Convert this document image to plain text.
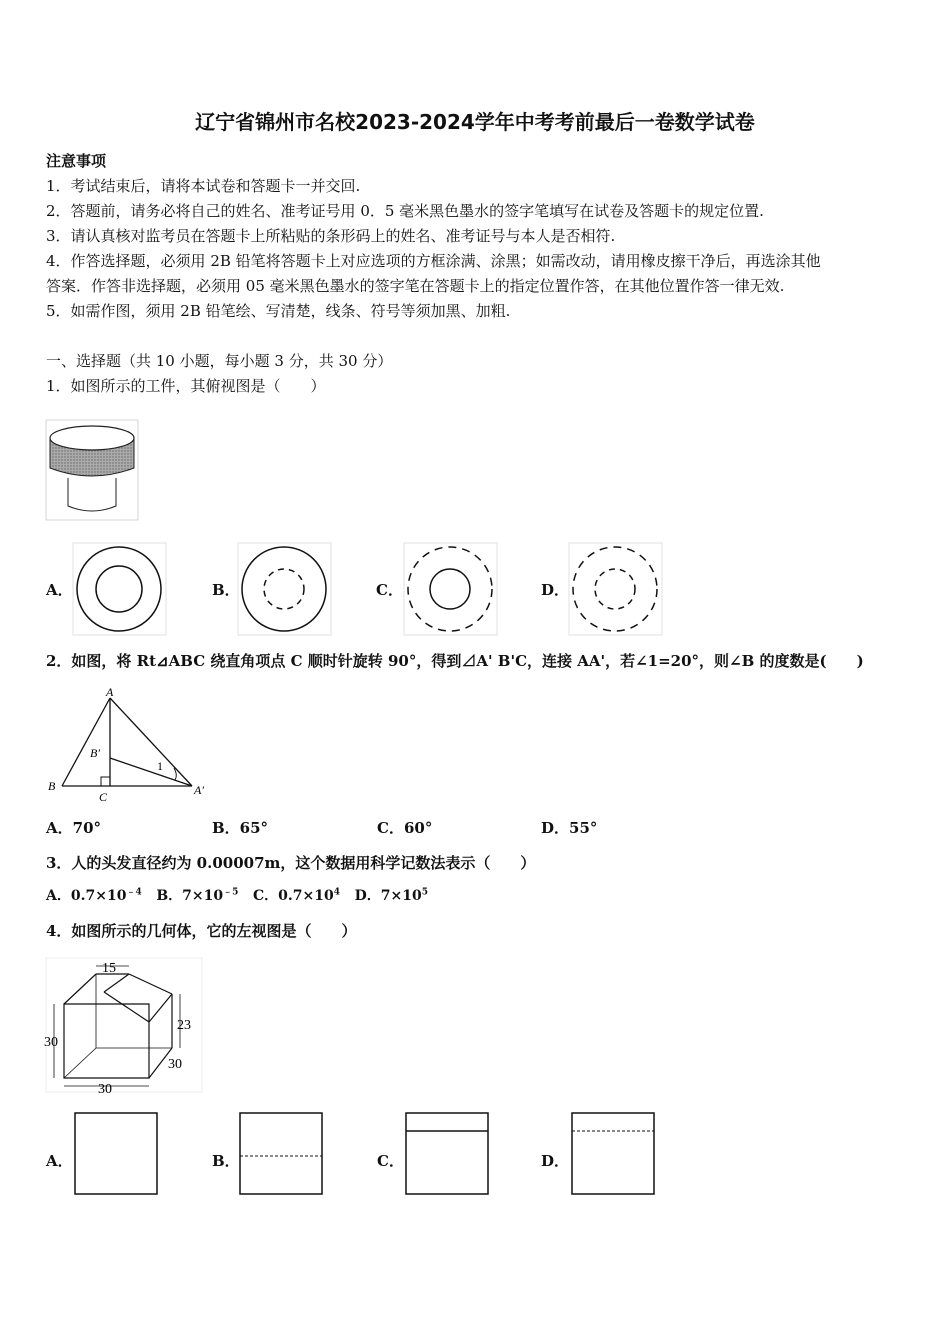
辽宁省锦州市名校2023-2024学年中考考前最后一卷数学试卷
注意事项
1．考试结束后，请将本试卷和答题卡一并交回.
2．答题前，请务必将自己的姓名、准考证号用 0．5 毫米黑色墨水的签字笔填写在试卷及答题卡的规定位置.
3．请认真核对监考员在答题卡上所粘贴的条形码上的姓名、准考证号与本人是否相符.
4．作答选择题，必须用 2B 铅笔将答题卡上对应选项的方框涂满、涂黑；如需改动，请用橡皮擦干净后，再选涂其他
答案．作答非选择题，必须用 05 毫米黑色墨水的签字笔在答题卡上的指定位置作答，在其他位置作答一律无效.
5．如需作图，须用 2B 铅笔绘、写清楚，线条、符号等须加黑、加粗.
一、选择题（共 10 小题，每小题 3 分，共 30 分）
1．如图所示的工件，其俯视图是（　　）
A．	B．	C．	D．
2．如图，将 Rt⊿ABC 绕直角项点 C 顺时针旋转 90°，得到⊿A' B'C，连接 AA'，若∠1=20°，则∠B 的度数是(　　)
A
B
C
B′
A′
1
A．70°	B．65°	C．60°	D．55°
3．人的头发直径约为 0.00007m，这个数据用科学记数法表示（　　）
A．$0.7\times 10^{﹣4}$ B．$7\times 10^{﹣5}$ C．$0.7\times 10^4$ D．$7\times 10^5$
4．如图所示的几何体，它的左视图是（　　）
15
30
23
30
30
A．	B．	C．	D．
